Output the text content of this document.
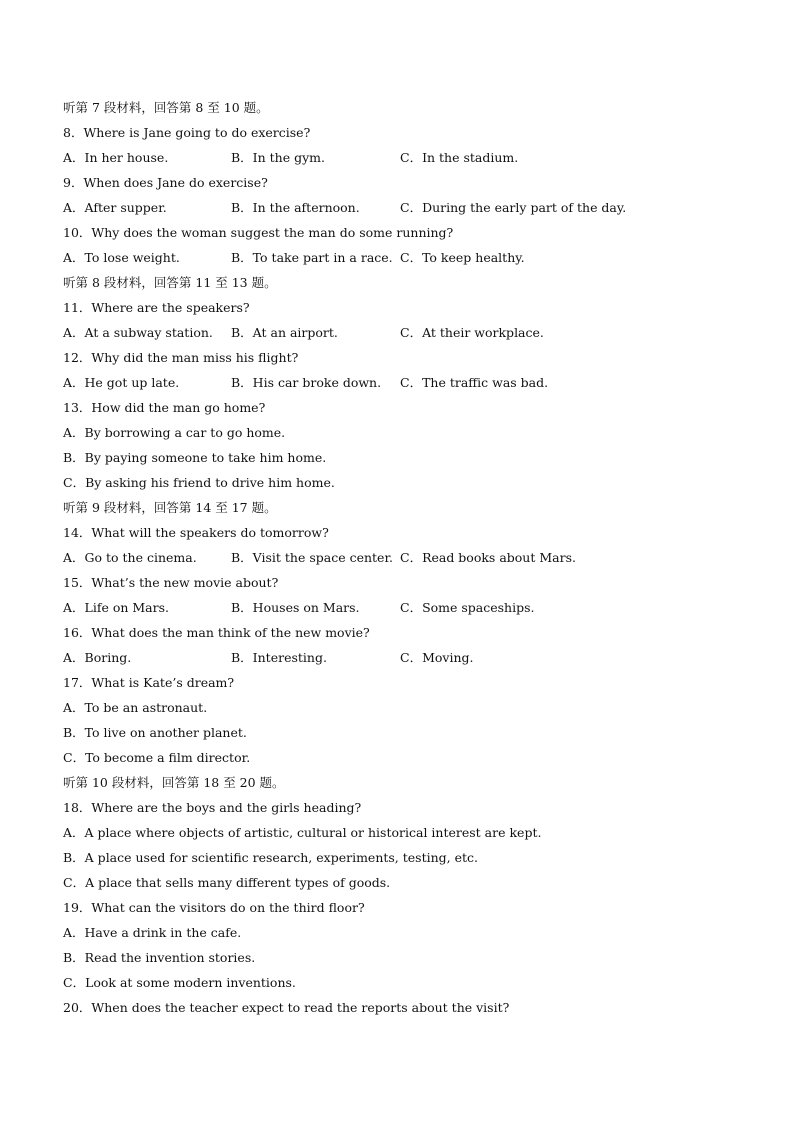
听第 7 段材料，回答第 8 至 10 题。
8．Where is Jane going to do exercise?
A．In her house.	B．In the gym.	C．In the stadium.
9．When does Jane do exercise?
A．After supper.	B．In the afternoon.	C．During the early part of the day.
10．Why does the woman suggest the man do some running?
A．To lose weight.	B．To take part in a race. C．To keep healthy.
听第 8 段材料，回答第 11 至 13 题。
11．Where are the speakers?
A．At a subway station.	B．At an airport.	C．At their workplace.
12．Why did the man miss his flight?
A．He got up late.	B．His car broke down.	C．The traffic was bad.
13．How did the man go home?
A．By borrowing a car to go home.
B．By paying someone to take him home.
C．By asking his friend to drive him home.
听第 9 段材料，回答第 14 至 17 题。
14．What will the speakers do tomorrow?
A．Go to the cinema.	B．Visit the space center. C．Read books about Mars.
15．What’s the new movie about?
A．Life on Mars.	B．Houses on Mars.	C．Some spaceships.
16．What does the man think of the new movie?
A．Boring.	B．Interesting.	C．Moving.
17．What is Kate’s dream?
A．To be an astronaut.
B．To live on another planet.
C．To become a film director.
听第 10 段材料，回答第 18 至 20 题。
18．Where are the boys and the girls heading?
A．A place where objects of artistic, cultural or historical interest are kept.
B．A place used for scientific research, experiments, testing, etc.
C．A place that sells many different types of goods.
19．What can the visitors do on the third floor?
A．Have a drink in the cafe.
B．Read the invention stories.
C．Look at some modern inventions.
20．When does the teacher expect to read the reports about the visit?
